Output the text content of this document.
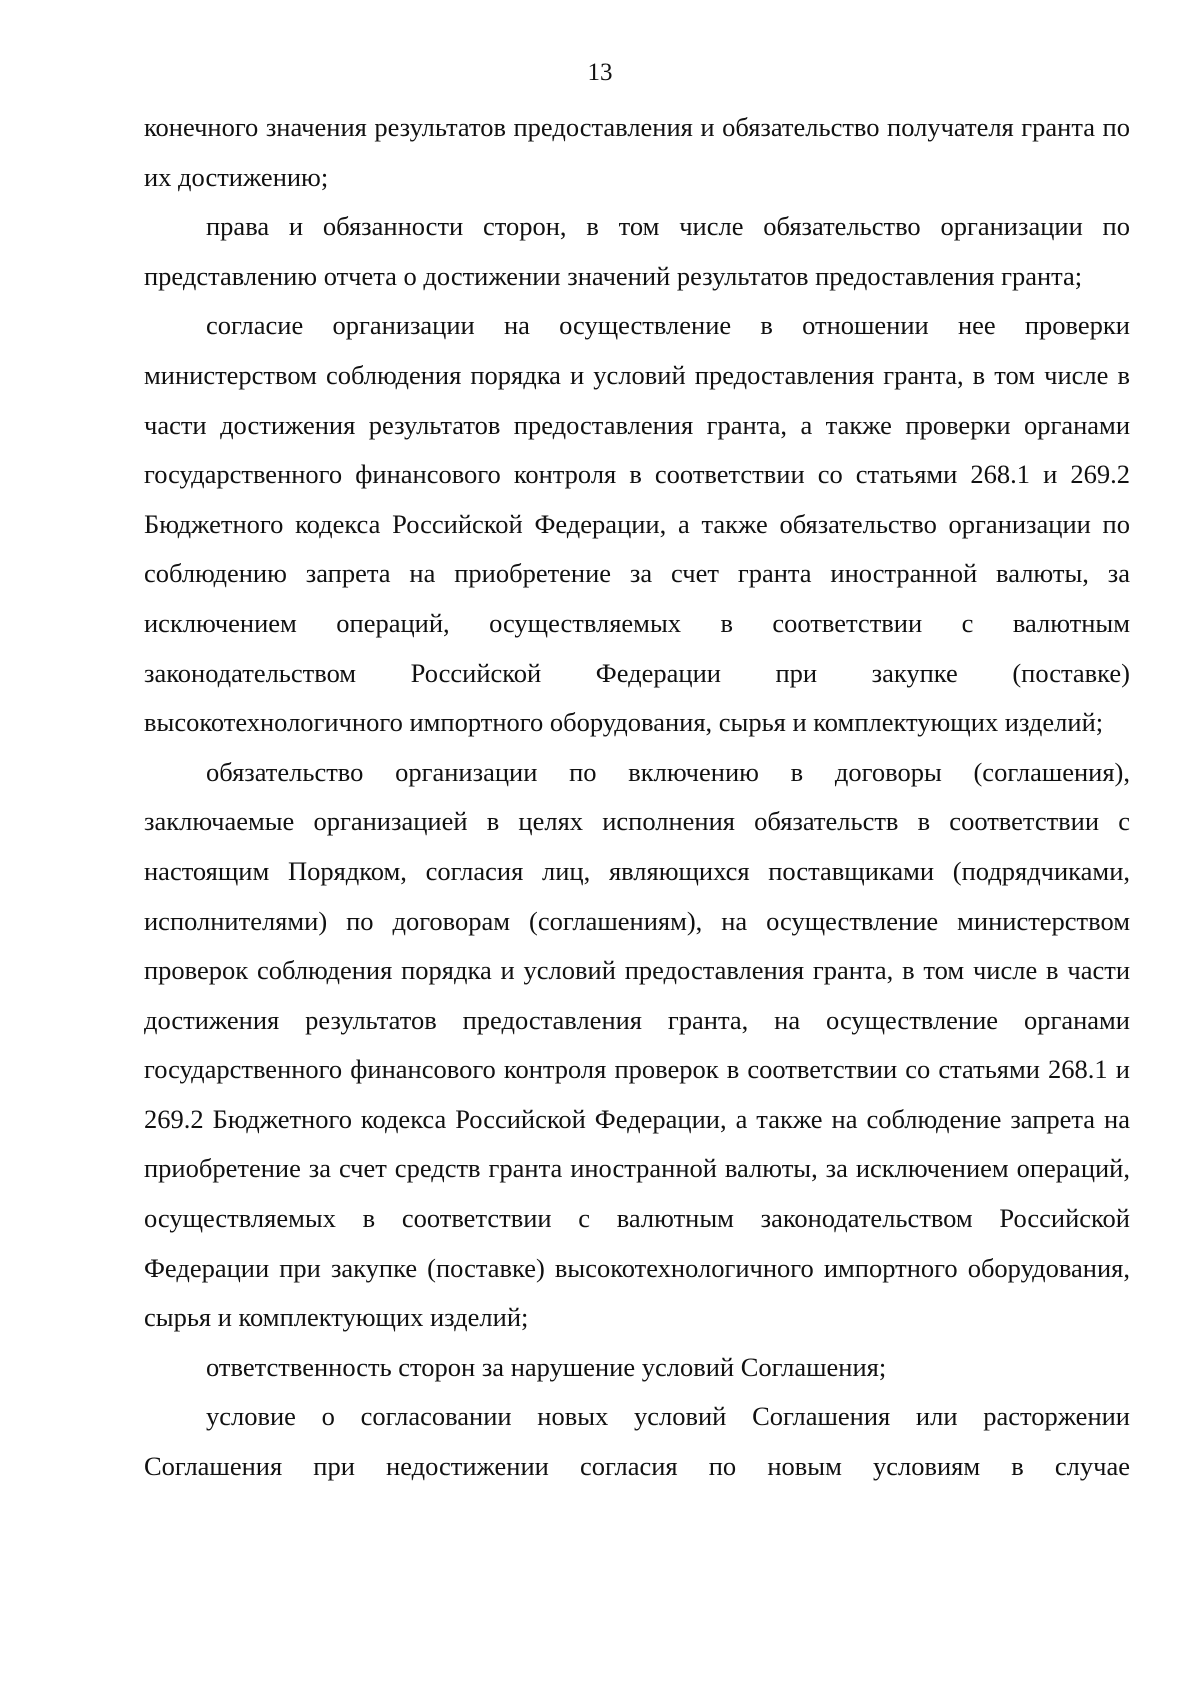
13

конечного значения результатов предоставления и обязательство получателя гранта по их достижению;

права и обязанности сторон, в том числе обязательство организации по представлению отчета о достижении значений результатов предоставления гранта;

согласие организации на осуществление в отношении нее проверки министерством соблюдения порядка и условий предоставления гранта, в том числе в части достижения результатов предоставления гранта, а также проверки органами государственного финансового контроля в соответствии со статьями 268.1 и 269.2 Бюджетного кодекса Российской Федерации, а также обязательство организации по соблюдению запрета на приобретение за счет гранта иностранной валюты, за исключением операций, осуществляемых в соответствии с валютным законодательством Российской Федерации при закупке (поставке) высокотехнологичного импортного оборудования, сырья и комплектующих изделий;

обязательство организации по включению в договоры (соглашения), заключаемые организацией в целях исполнения обязательств в соответствии с настоящим Порядком, согласия лиц, являющихся поставщиками (подрядчиками, исполнителями) по договорам (соглашениям), на осуществление министерством проверок соблюдения порядка и условий предоставления гранта, в том числе в части достижения результатов предоставления гранта, на осуществление органами государственного финансового контроля проверок в соответствии со статьями 268.1 и 269.2 Бюджетного кодекса Российской Федерации, а также на соблюдение запрета на приобретение за счет средств гранта иностранной валюты, за исключением операций, осуществляемых в соответствии с валютным законодательством Российской Федерации при закупке (поставке) высокотехнологичного импортного оборудования, сырья и комплектующих изделий;

ответственность сторон за нарушение условий Соглашения;

условие о согласовании новых условий Соглашения или расторжении Соглашения при недостижении согласия по новым условиям в случае
